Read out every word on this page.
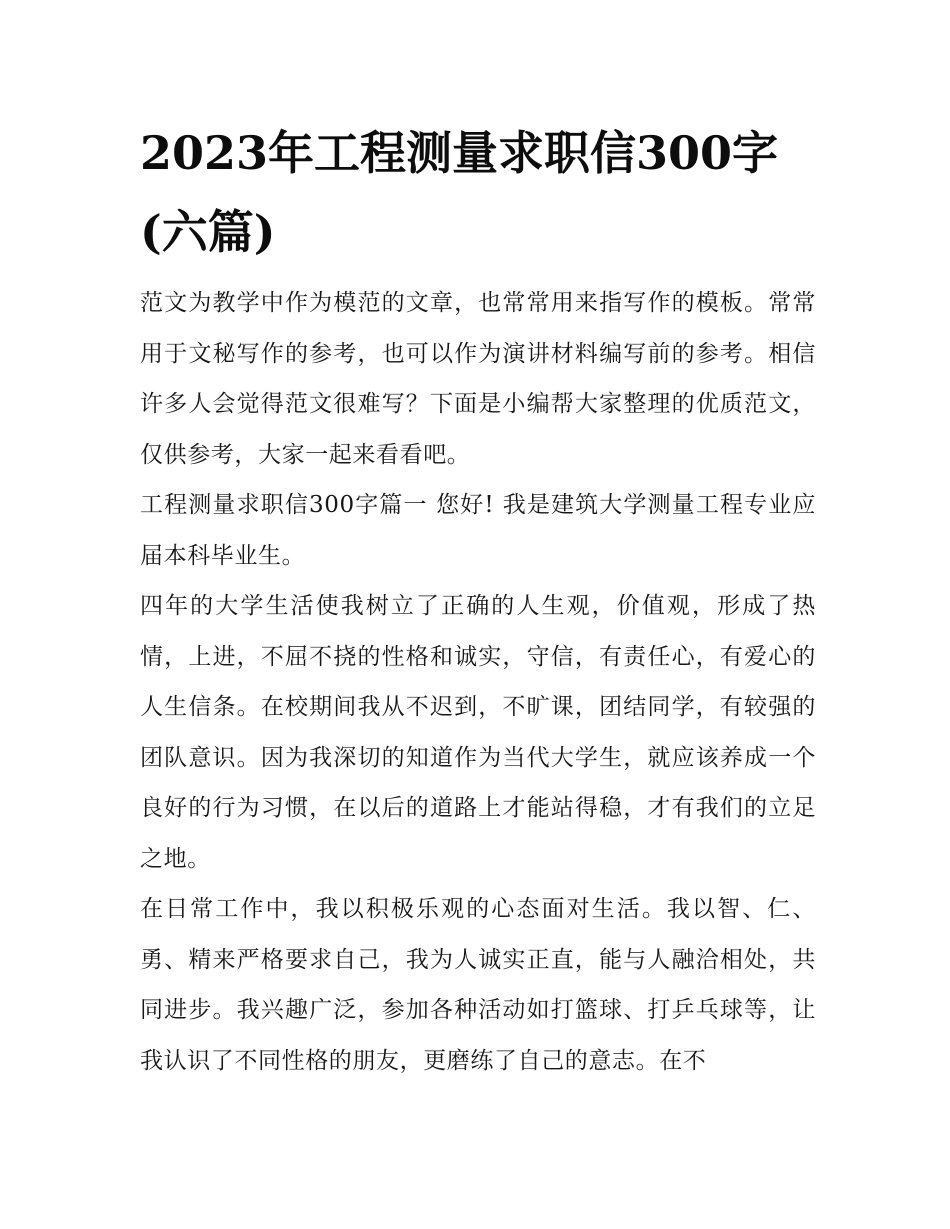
2023年工程测量求职信300字(六篇)

范文为教学中作为模范的文章，也常常用来指写作的模板。常常用于文秘写作的参考，也可以作为演讲材料编写前的参考。相信许多人会觉得范文很难写？下面是小编帮大家整理的优质范文，仅供参考，大家一起来看看吧。

工程测量求职信300字篇一 您好! 我是建筑大学测量工程专业应届本科毕业生。

四年的大学生活使我树立了正确的人生观，价值观，形成了热情，上进，不屈不挠的性格和诚实，守信，有责任心，有爱心的人生信条。在校期间我从不迟到，不旷课，团结同学，有较强的团队意识。因为我深切的知道作为当代大学生，就应该养成一个良好的行为习惯，在以后的道路上才能站得稳，才有我们的立足之地。

在日常工作中，我以积极乐观的心态面对生活。我以智、仁、勇、精来严格要求自己，我为人诚实正直，能与人融洽相处，共同进步。我兴趣广泛，参加各种活动如打篮球、打乒乓球等，让我认识了不同性格的朋友，更磨练了自己的意志。在不
